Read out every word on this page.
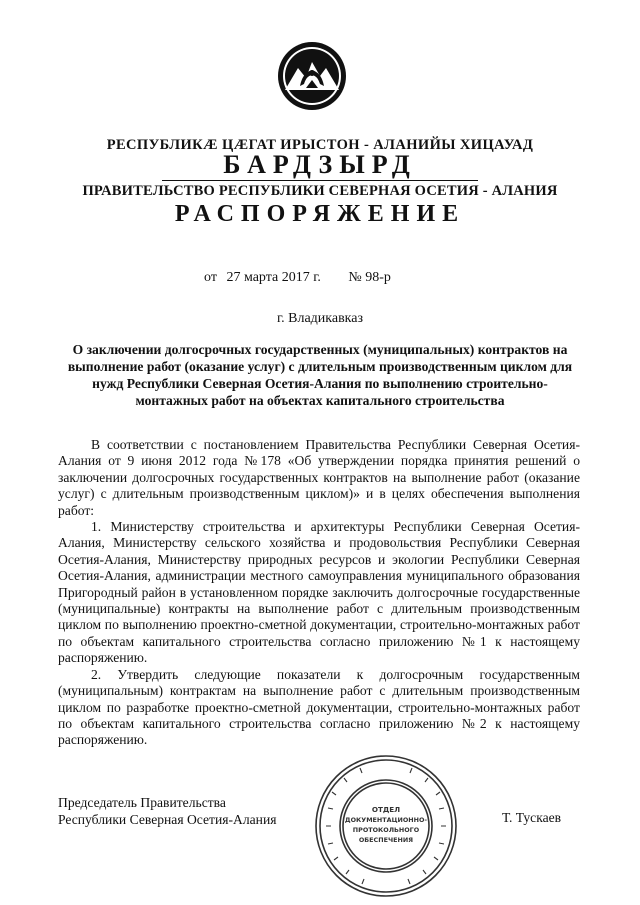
РЕСПУБЛИКӔ ЦӔГАТ ИРЫСТОН - АЛАНИЙЫ ХИЦАУАД
БАРДЗЫРД
ПРАВИТЕЛЬСТВО РЕСПУБЛИКИ СЕВЕРНАЯ ОСЕТИЯ - АЛАНИЯ
РАСПОРЯЖЕНИЕ
от 27 марта 2017 г. № 98-р
г. Владикавказ
О заключении долгосрочных государственных (муниципальных) контрактов на выполнение работ (оказание услуг) с длительным производственным циклом для нужд Республики Северная Осетия-Алания по выполнению строительно-монтажных работ на объектах капитального строительства

В соответствии с постановлением Правительства Республики Северная Осетия-Алания от 9 июня 2012 года №178 «Об утверждении порядка принятия решений о заключении долгосрочных государственных контрактов на выполнение работ (оказание услуг) с длительным производственным циклом)» и в целях обеспечения выполнения работ:

1. Министерству строительства и архитектуры Республики Северная Осетия-Алания, Министерству сельского хозяйства и продовольствия Республики Северная Осетия-Алания, Министерству природных ресурсов и экологии Республики Северная Осетия-Алания, администрации местного самоуправления муниципального образования Пригородный район в установленном порядке заключить долгосрочные государственные (муниципальные) контракты на выполнение работ с длительным производственным циклом по выполнению проектно-сметной документации, строительно-монтажных работ по объектам капитального строительства согласно приложению №1 к настоящему распоряжению.

2. Утвердить следующие показатели к долгосрочным государственным (муниципальным) контрактам на выполнение работ с длительным производственным циклом по разработке проектно-сметной документации, строительно-монтажных работ по объектам капитального строительства согласно приложению №2 к настоящему распоряжению.

Председатель Правительства
Республики Северная Осетия-Алания	Т. Тускаев
ОТДЕЛ
ДОКУМЕНТАЦИОННО-
ПРОТОКОЛЬНОГО
ОБЕСПЕЧЕНИЯ
